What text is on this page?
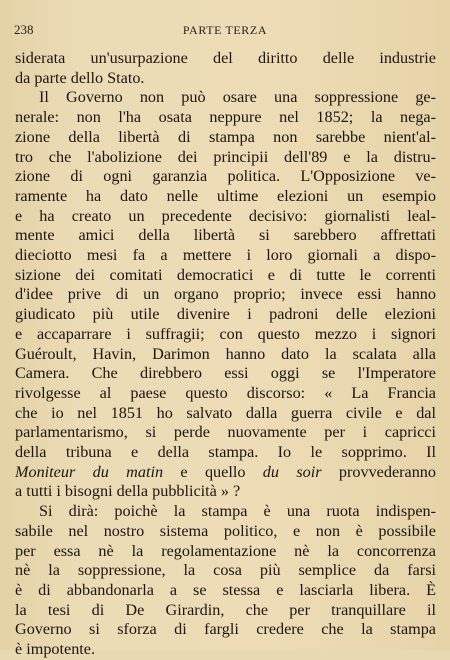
238	PARTE TERZA
siderata un'usurpazione del diritto delle industrie
da parte dello Stato.
Il Governo non può osare una soppressione ge-
nerale: non l'ha osata neppure nel 1852; la nega-
zione della libertà di stampa non sarebbe nient'al-
tro che l'abolizione dei principii dell'89 e la distru-
zione di ogni garanzia politica. L'Opposizione ve-
ramente ha dato nelle ultime elezioni un esempio
e ha creato un precedente decisivo: giornalisti leal-
mente amici della libertà si sarebbero affrettati
dieciotto mesi fa a mettere i loro giornali a dispo-
sizione dei comitati democratici e di tutte le correnti
d'idee prive di un organo proprio; invece essi hanno
giudicato più utile divenire i padroni delle elezioni
e accaparrare i suffragii; con questo mezzo i signori
Guéroult, Havin, Darimon hanno dato la scalata alla
Camera. Che direbbero essi oggi se l'Imperatore
rivolgesse al paese questo discorso: « La Francia
che io nel 1851 ho salvato dalla guerra civile e dal
parlamentarismo, si perde nuovamente per i capricci
della tribuna e della stampa. Io le sopprimo. Il
Moniteur du matin e quello du soir provvederanno
a tutti i bisogni della pubblicità » ?
Si dirà: poichè la stampa è una ruota indispen-
sabile nel nostro sistema politico, e non è possibile
per essa nè la regolamentazione nè la concorrenza
nè la soppressione, la cosa più semplice da farsi
è di abbandonarla a se stessa e lasciarla libera. È
la tesi di De Girardin, che per tranquillare il
Governo si sforza di fargli credere che la stampa
è impotente.
